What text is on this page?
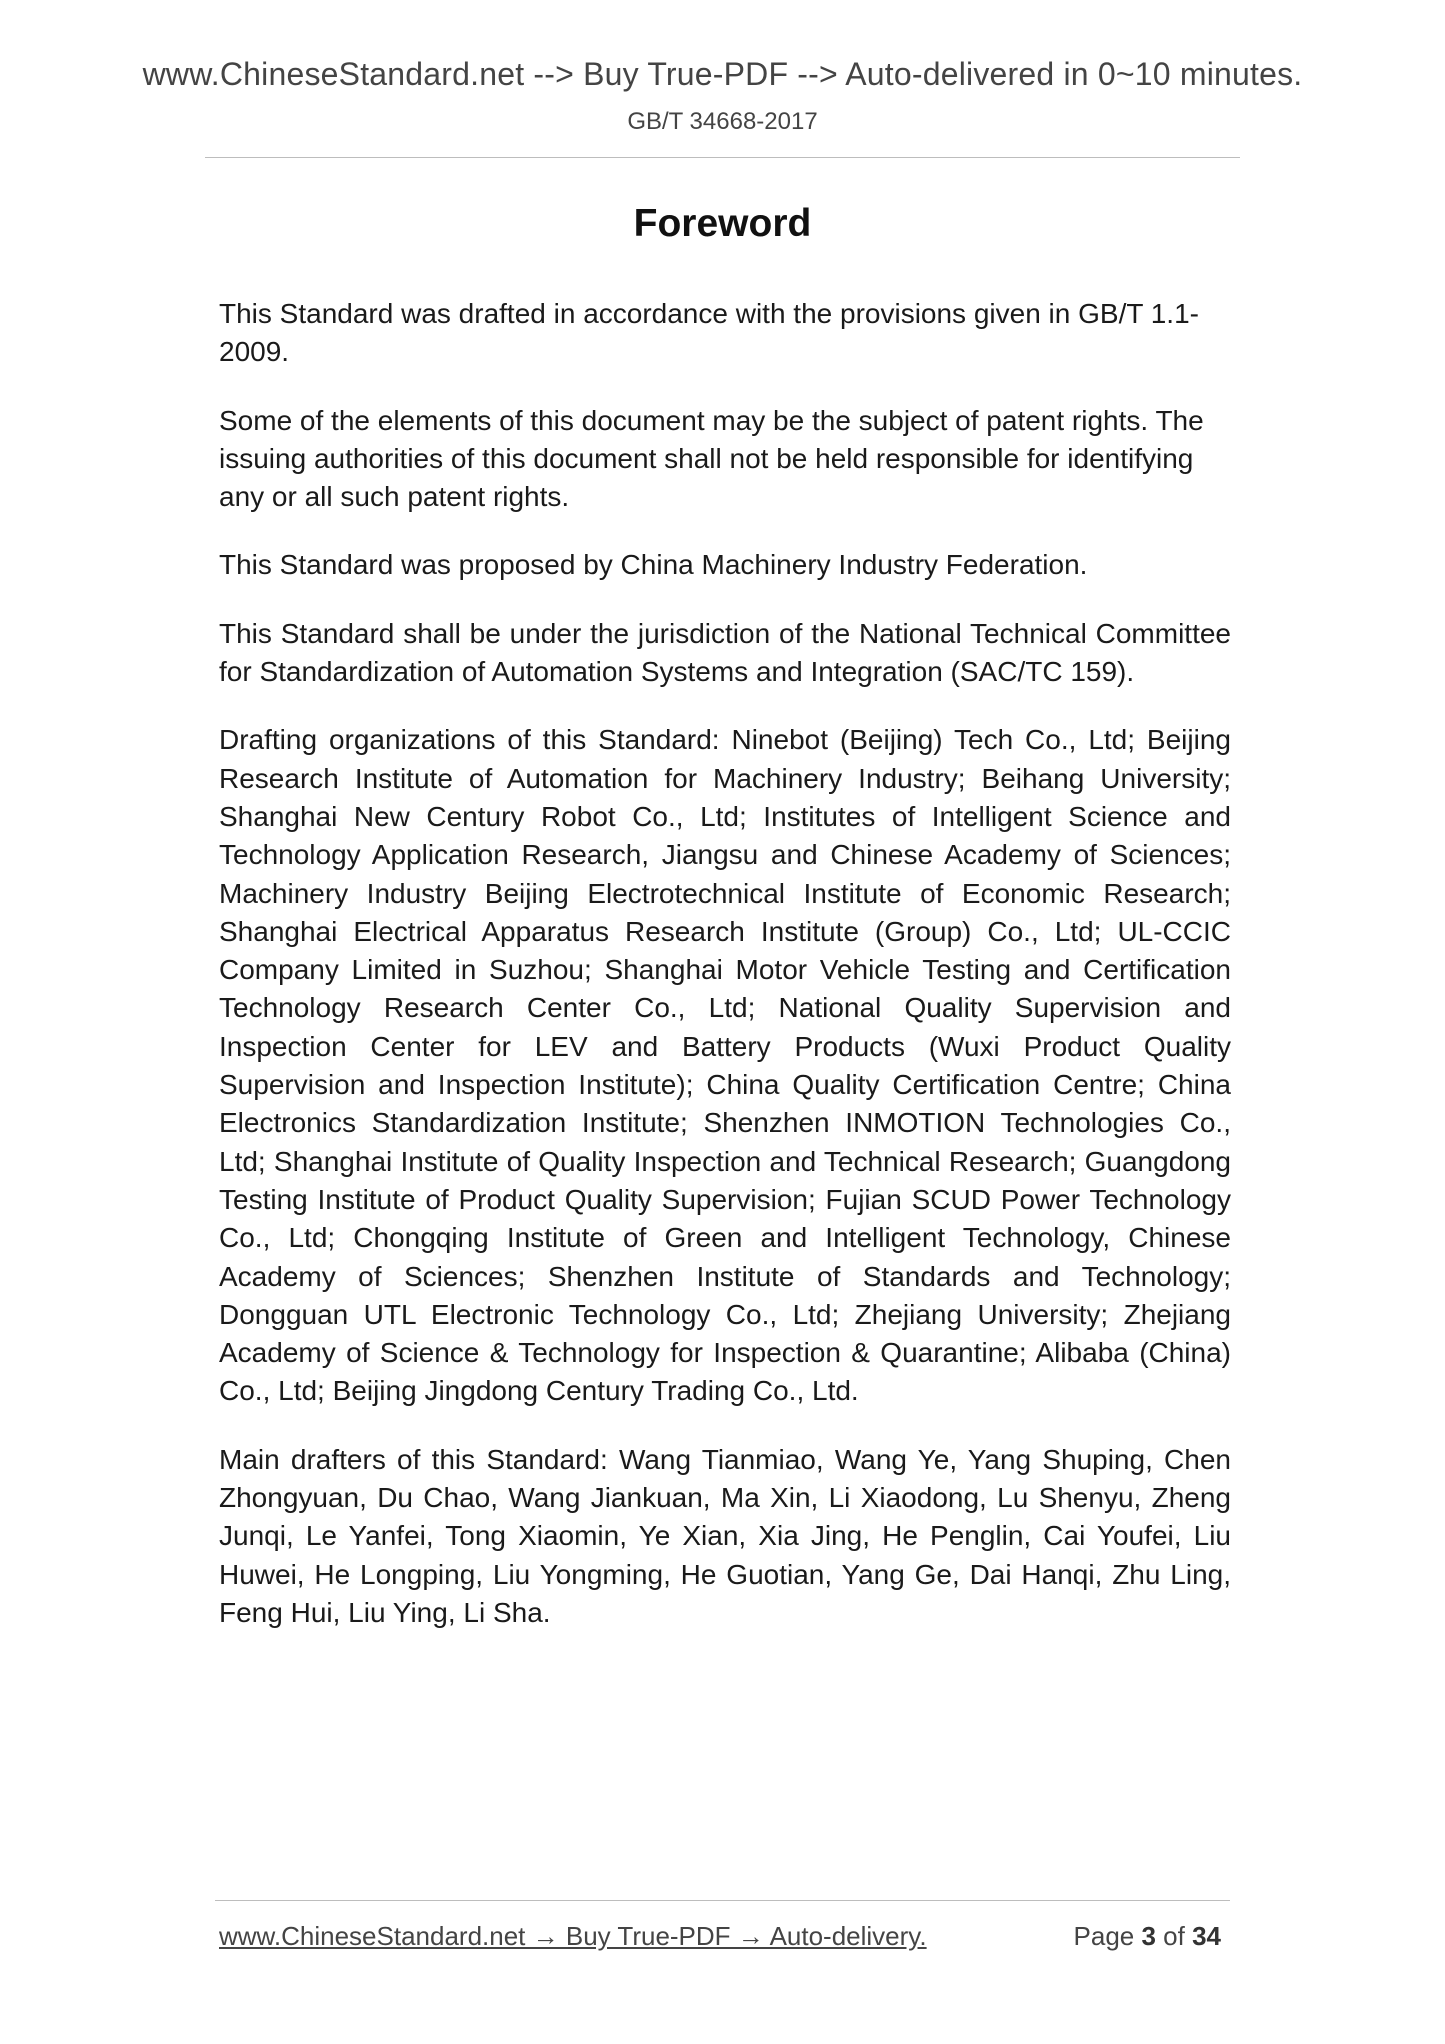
www.ChineseStandard.net --> Buy True-PDF --> Auto-delivered in 0~10 minutes.
GB/T 34668-2017
Foreword

This Standard was drafted in accordance with the provisions given in GB/T 1.1-2009.

Some of the elements of this document may be the subject of patent rights. The issuing authorities of this document shall not be held responsible for identifying any or all such patent rights.

This Standard was proposed by China Machinery Industry Federation.

This Standard shall be under the jurisdiction of the National Technical Committee for Standardization of Automation Systems and Integration (SAC/TC 159).

Drafting organizations of this Standard: Ninebot (Beijing) Tech Co., Ltd; Beijing Research Institute of Automation for Machinery Industry; Beihang University; Shanghai New Century Robot Co., Ltd; Institutes of Intelligent Science and Technology Application Research, Jiangsu and Chinese Academy of Sciences; Machinery Industry Beijing Electrotechnical Institute of Economic Research; Shanghai Electrical Apparatus Research Institute (Group) Co., Ltd; UL-CCIC Company Limited in Suzhou; Shanghai Motor Vehicle Testing and Certification Technology Research Center Co., Ltd; National Quality Supervision and Inspection Center for LEV and Battery Products (Wuxi Product Quality Supervision and Inspection Institute); China Quality Certification Centre; China Electronics Standardization Institute; Shenzhen INMOTION Technologies Co., Ltd; Shanghai Institute of Quality Inspection and Technical Research; Guangdong Testing Institute of Product Quality Supervision; Fujian SCUD Power Technology Co., Ltd; Chongqing Institute of Green and Intelligent Technology, Chinese Academy of Sciences; Shenzhen Institute of Standards and Technology; Dongguan UTL Electronic Technology Co., Ltd; Zhejiang University; Zhejiang Academy of Science & Technology for Inspection & Quarantine; Alibaba (China) Co., Ltd; Beijing Jingdong Century Trading Co., Ltd.

Main drafters of this Standard: Wang Tianmiao, Wang Ye, Yang Shuping, Chen Zhongyuan, Du Chao, Wang Jiankuan, Ma Xin, Li Xiaodong, Lu Shenyu, Zheng Junqi, Le Yanfei, Tong Xiaomin, Ye Xian, Xia Jing, He Penglin, Cai Youfei, Liu Huwei, He Longping, Liu Yongming, He Guotian, Yang Ge, Dai Hanqi, Zhu Ling, Feng Hui, Liu Ying, Li Sha.

www.ChineseStandard.net → Buy True-PDF → Auto-delivery.	Page 3 of 34
